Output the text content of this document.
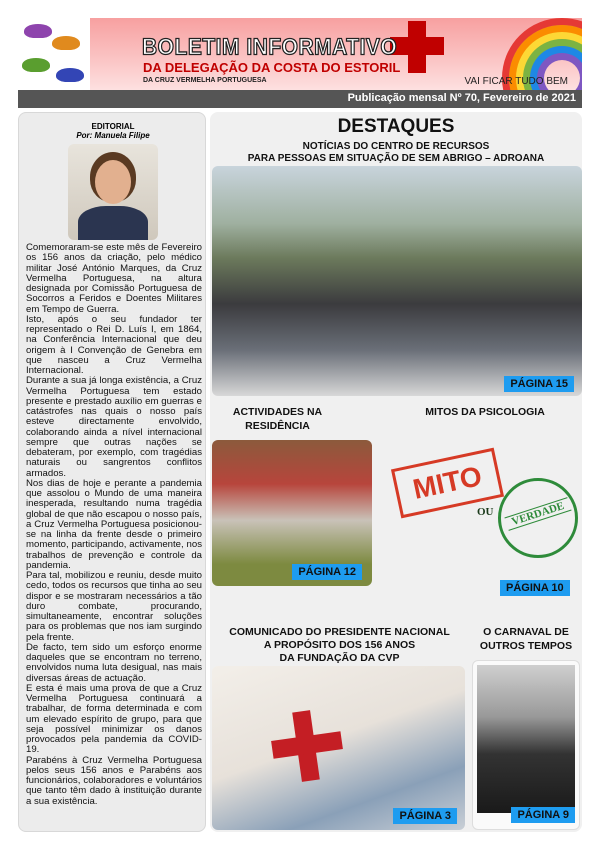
BOLETIM INFORMATIVO
DA DELEGAÇÃO DA COSTA DO ESTORIL
DA CRUZ VERMELHA PORTUGUESA	VAI FICAR TUDO BEM
Publicação mensal Nº 70, Fevereiro de 2021
EDITORIAL
Por: Manuela Filipe

Comemoraram-se este mês de Fevereiro os 156 anos da criação, pelo médico militar José António Marques, da Cruz Vermelha Portuguesa, na altura designada por Comissão Portuguesa de Socorros a Feridos e Doentes Militares em Tempo de Guerra.

Isto, após o seu fundador ter representado o Rei D. Luís I, em 1864, na Conferência Internacional que deu origem à I Convenção de Genebra em que nasceu a Cruz Vermelha Internacional.

Durante a sua já longa existência, a Cruz Vermelha Portuguesa tem estado presente e prestado auxílio em guerras e catástrofes nas quais o nosso país esteve directamente envolvido, colaborando ainda a nível internacional sempre que outras nações se debateram, por exemplo, com tragédias naturais ou sangrentos conflitos armados.

Nos dias de hoje e perante a pandemia que assolou o Mundo de uma maneira inesperada, resultando numa tragédia global de que não escapou o nosso país, a Cruz Vermelha Portuguesa posicionou-se na linha da frente desde o primeiro momento, participando, activamente, nos trabalhos de prevenção e controle da pandemia.

Para tal, mobilizou e reuniu, desde muito cedo, todos os recursos que tinha ao seu dispor e se mostraram necessários a tão duro combate, procurando, simultaneamente, encontrar soluções para os problemas que nos iam surgindo pela frente.

De facto, tem sido um esforço enorme daqueles que se encontram no terreno, envolvidos numa luta desigual, nas mais diversas áreas de actuação.

E esta é mais uma prova de que a Cruz Vermelha Portuguesa continuará a trabalhar, de forma determinada e com um elevado espírito de grupo, para que seja possível minimizar os danos provocados pela pandemia da COVID-19.

Parabéns à Cruz Vermelha Portuguesa pelos seus 156 anos e Parabéns aos funcionários, colaboradores e voluntários que tanto têm dado à instituição durante a sua existência.

DESTAQUES
NOTÍCIAS DO CENTRO DE RECURSOS
PARA PESSOAS EM SITUAÇÃO DE SEM ABRIGO – ADROANA
PÁGINA 15
ACTIVIDADES NA
RESIDÊNCIA
PÁGINA 12
MITOS DA PSICOLOGIA
MITO
OU	VERDADE
PÁGINA 10
COMUNICADO DO PRESIDENTE NACIONAL
A PROPÓSITO DOS 156 ANOS
DA FUNDAÇÃO DA CVP
PÁGINA 3
O CARNAVAL DE
OUTROS TEMPOS
PÁGINA 9
